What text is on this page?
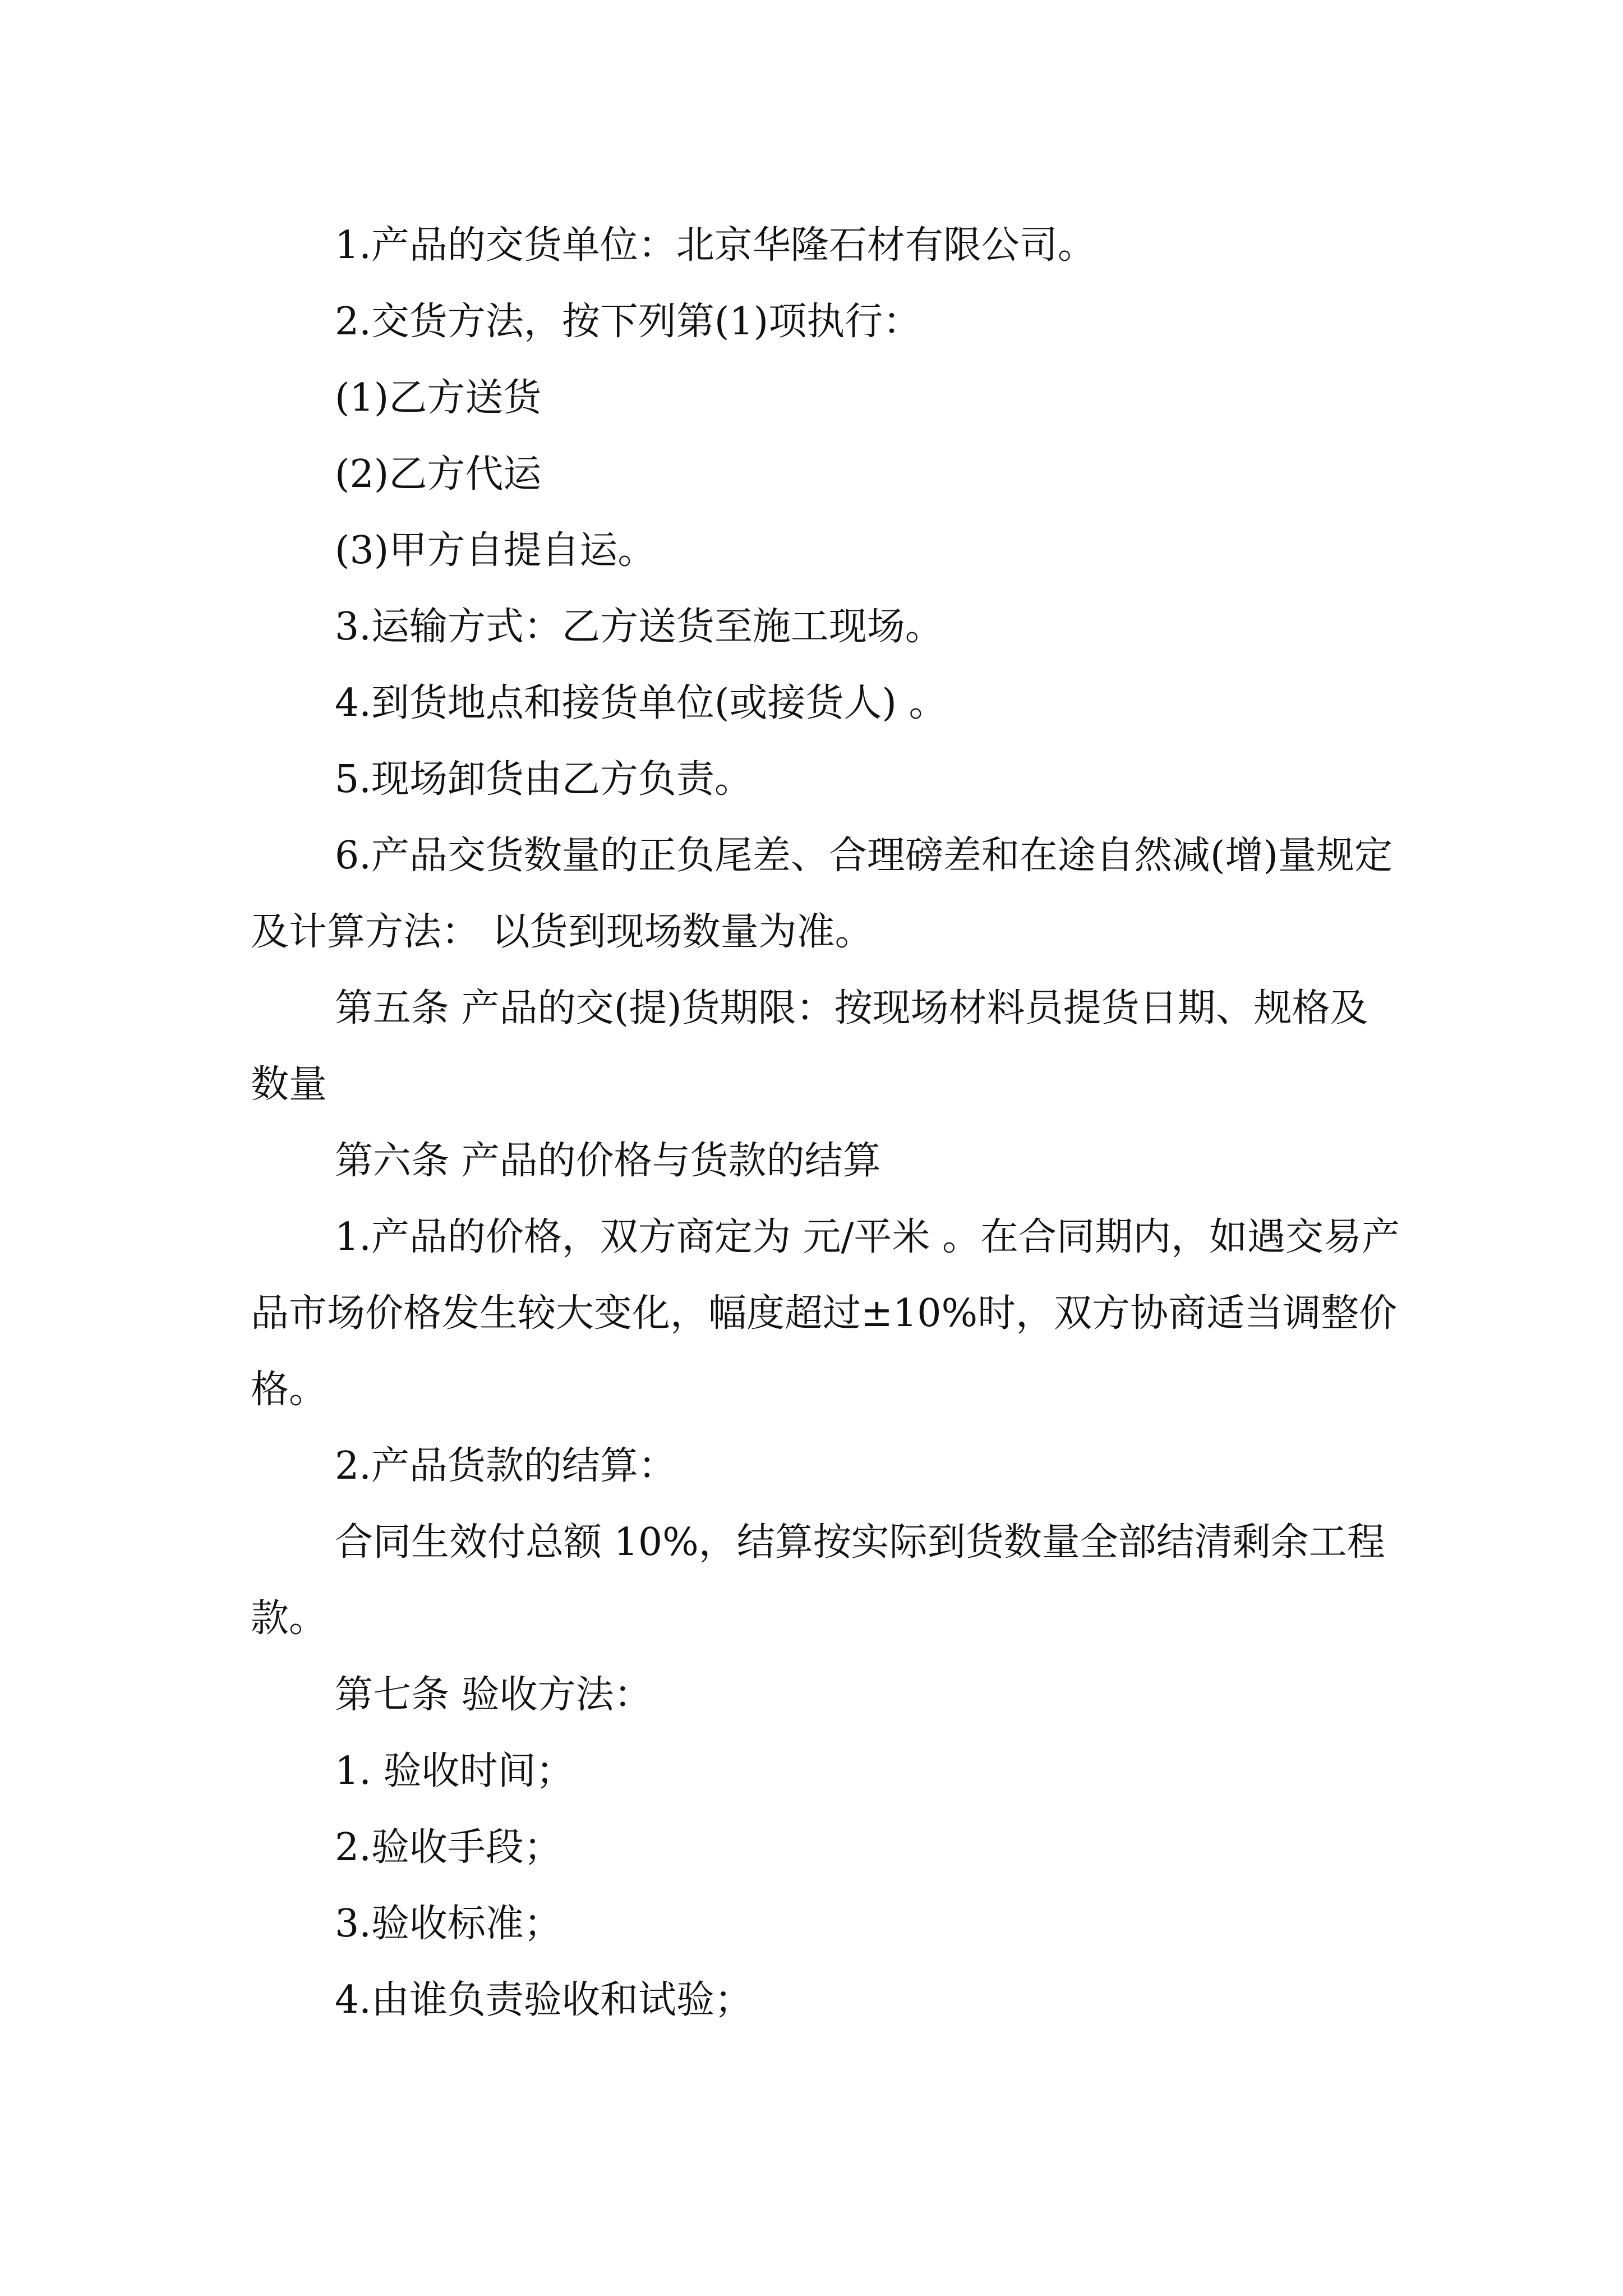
1.产品的交货单位：北京华隆石材有限公司。

2.交货方法，按下列第(1)项执行：

(1)乙方送货

(2)乙方代运

(3)甲方自提自运。

3.运输方式：乙方送货至施工现场。

4.到货地点和接货单位(或接货人) 。

5.现场卸货由乙方负责。

6.产品交货数量的正负尾差、合理磅差和在途自然减(增)量规定及计算方法： 以货到现场数量为准。

第五条 产品的交(提)货期限：按现场材料员提货日期、规格及数量

第六条 产品的价格与货款的结算

1.产品的价格，双方商定为 元/平米 。在合同期内，如遇交易产品市场价格发生较大变化，幅度超过±10%时，双方协商适当调整价格。

2.产品货款的结算：

合同生效付总额 10%，结算按实际到货数量全部结清剩余工程款。

第七条 验收方法：

1. 验收时间；

2.验收手段；

3.验收标准；

4.由谁负责验收和试验；
